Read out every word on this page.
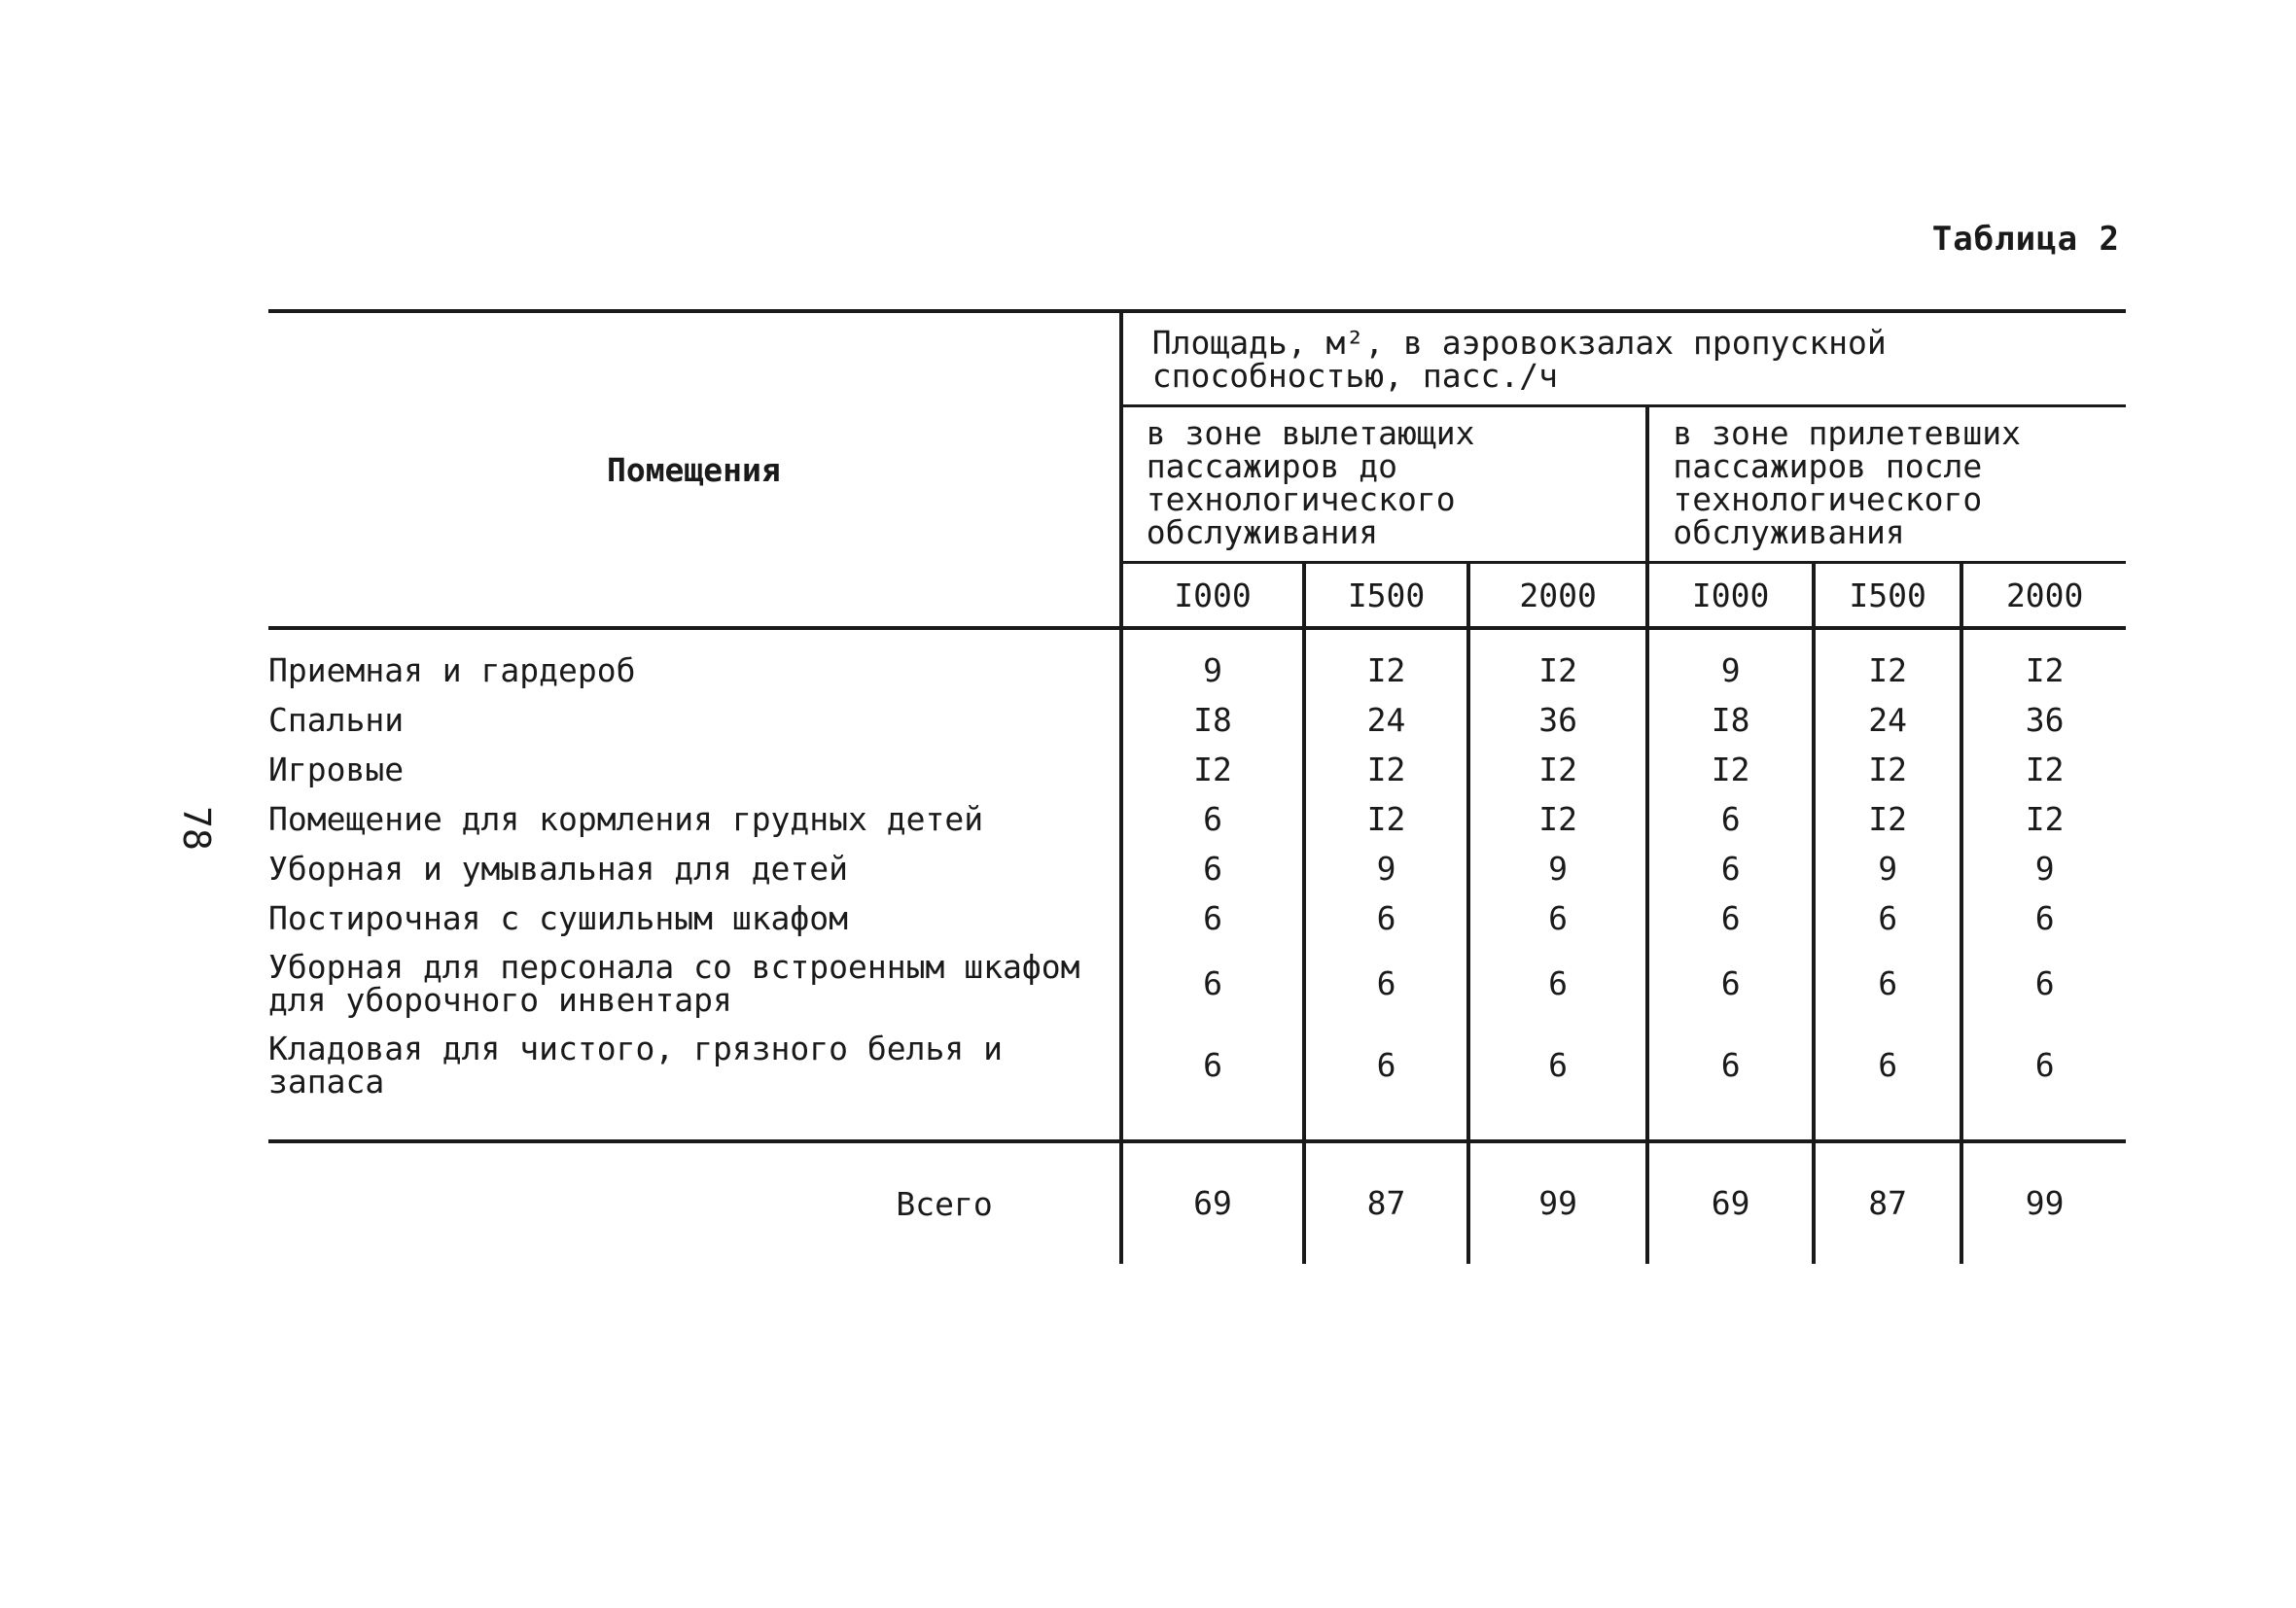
78
Таблица 2
Помещения	Площадь, м², в аэровокзалах пропускной способностью, пасс./ч					
	в зоне вылетающих пассажиров до технологического обслуживания			в зоне прилетевших пассажиров после технологического обслуживания		
	I000	I500	2000	I000	I500	2000
Приемная и гардероб	9	I2	I2	9	I2	I2
Спальни	I8	24	36	I8	24	36
Игровые	I2	I2	I2	I2	I2	I2
Помещение для кормления грудных детей	6	I2	I2	6	I2	I2
Уборная и умывальная для детей	6	9	9	6	9	9
Постирочная с сушильным шкафом	6	6	6	6	6	6
Уборная для персонала со встроенным шкафом для уборочного инвентаря	6	6	6	6	6	6
Кладовая для чистого, грязного белья и запаса	6	6	6	6	6	6
Всего	69	87	99	69	87	99
